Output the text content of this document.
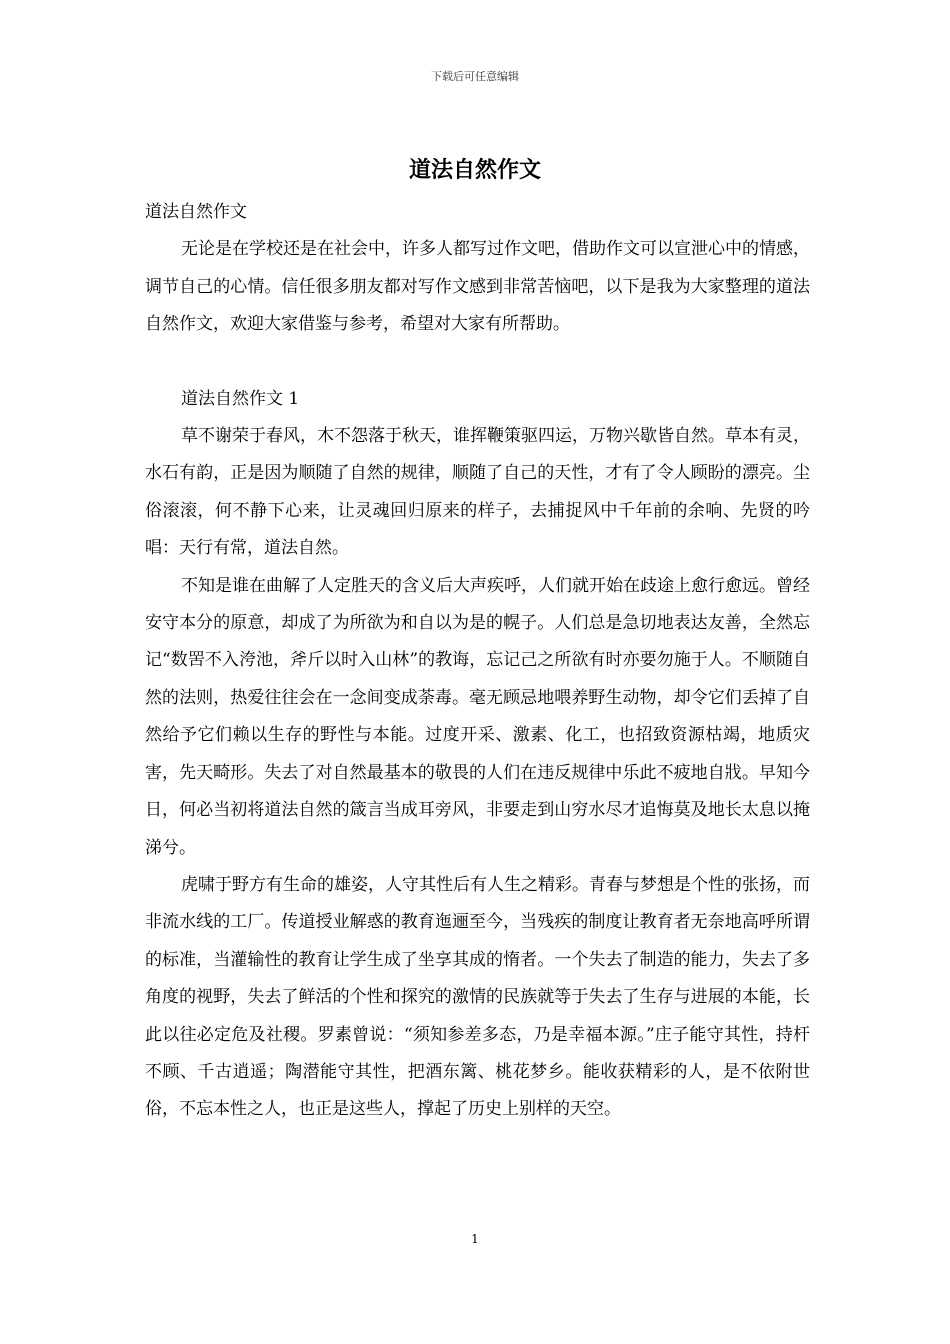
下载后可任意编辑
道法自然作文

道法自然作文

无论是在学校还是在社会中，许多人都写过作文吧，借助作文可以宣泄心中的情感，调节自己的心情。信任很多朋友都对写作文感到非常苦恼吧，以下是我为大家整理的道法自然作文，欢迎大家借鉴与参考，希望对大家有所帮助。

道法自然作文 1

草不谢荣于春风，木不怨落于秋天，谁挥鞭策驱四运，万物兴歇皆自然。草本有灵，水石有韵，正是因为顺随了自然的规律，顺随了自己的天性，才有了令人顾盼的漂亮。尘俗滚滚，何不静下心来，让灵魂回归原来的样子，去捕捉风中千年前的余响、先贤的吟唱：天行有常，道法自然。

不知是谁在曲解了人定胜天的含义后大声疾呼，人们就开始在歧途上愈行愈远。曾经安守本分的原意，却成了为所欲为和自以为是的幌子。人们总是急切地表达友善，全然忘记“数罟不入洿池，斧斤以时入山林”的教诲，忘记己之所欲有时亦要勿施于人。不顺随自然的法则，热爱往往会在一念间变成荼毒。毫无顾忌地喂养野生动物，却令它们丢掉了自然给予它们赖以生存的野性与本能。过度开采、激素、化工，也招致资源枯竭，地质灾害，先天畸形。失去了对自然最基本的敬畏的人们在违反规律中乐此不疲地自戕。早知今日，何必当初将道法自然的箴言当成耳旁风，非要走到山穷水尽才追悔莫及地长太息以掩涕兮。

虎啸于野方有生命的雄姿，人守其性后有人生之精彩。青春与梦想是个性的张扬，而非流水线的工厂。传道授业解惑的教育迤逦至今，当残疾的制度让教育者无奈地高呼所谓的标准，当灌输性的教育让学生成了坐享其成的惰者。一个失去了制造的能力，失去了多角度的视野，失去了鲜活的个性和探究的激情的民族就等于失去了生存与进展的本能，长此以往必定危及社稷。罗素曾说：“须知参差多态，乃是幸福本源。”庄子能守其性，持杆不顾、千古逍遥；陶潜能守其性，把酒东篱、桃花梦乡。能收获精彩的人，是不依附世俗，不忘本性之人，也正是这些人，撑起了历史上别样的天空。

1
